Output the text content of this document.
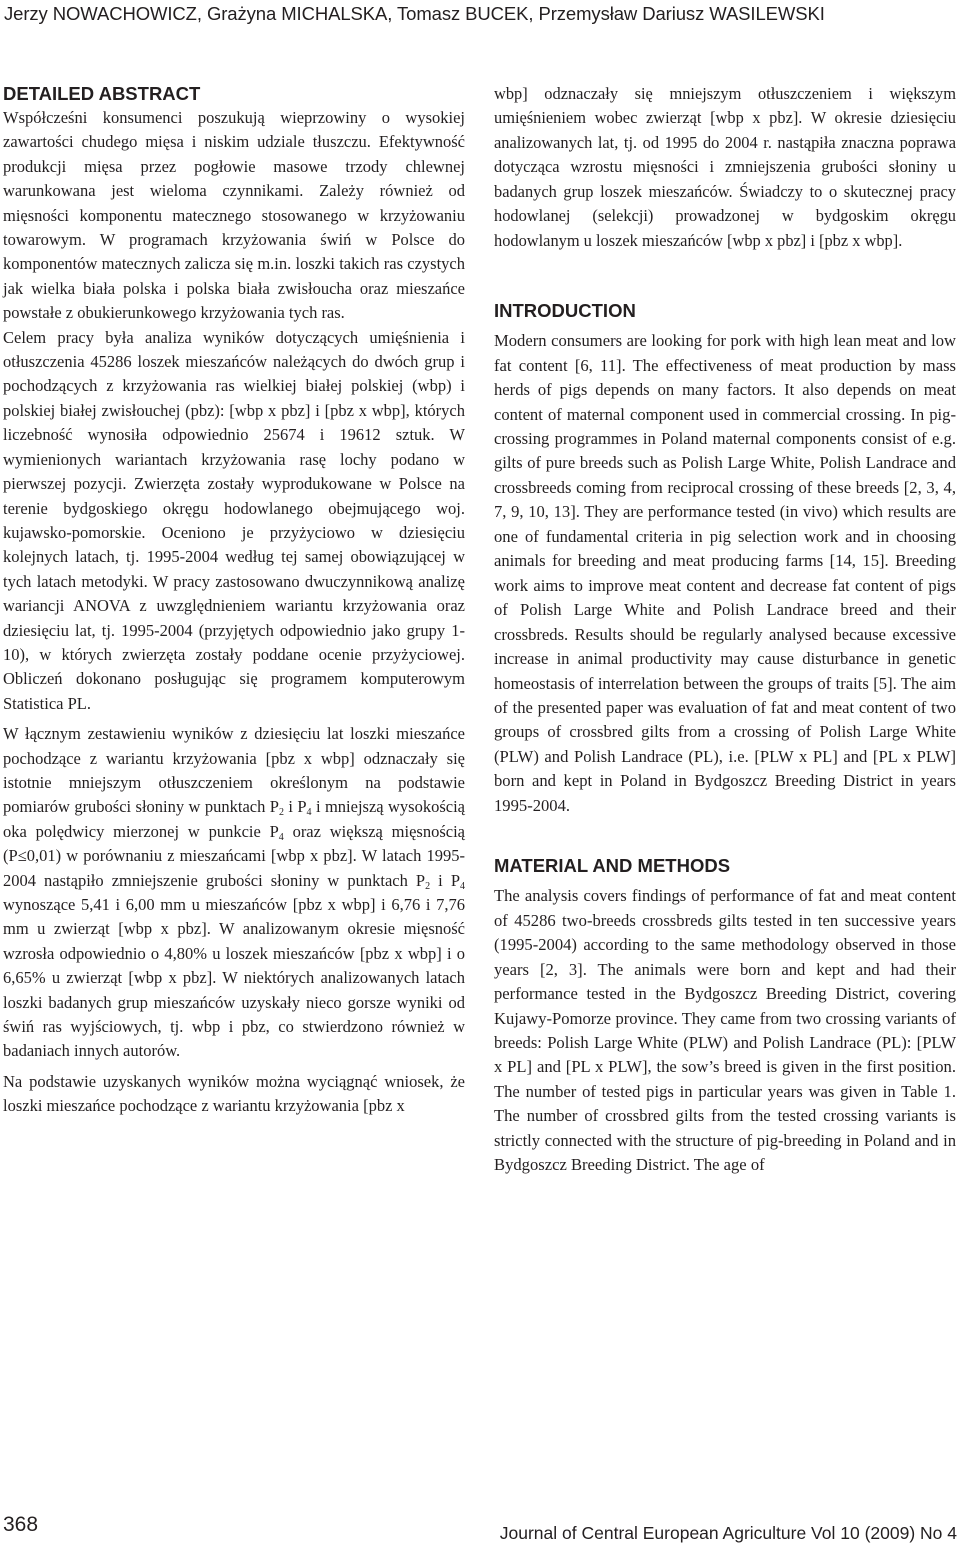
Jerzy NOWACHOWICZ, Grażyna MICHALSKA, Tomasz BUCEK, Przemysław Dariusz WASILEWSKI
DETAILED ABSTRACT

Współcześni konsumenci poszukują wieprzowiny o wysokiej zawartości chudego mięsa i niskim udziale tłuszczu. Efektywność produkcji mięsa przez pogłowie masowe trzody chlewnej warunkowana jest wieloma czynnikami. Zależy również od mięsności komponentu matecznego stosowanego w krzyżowaniu towarowym. W programach krzyżowania świń w Polsce do komponentów matecznych zalicza się m.in. loszki takich ras czystych jak wielka biała polska i polska biała zwisłoucha oraz mieszańce powstałe z obukierunkowego krzyżowania tych ras.

Celem pracy była analiza wyników dotyczących umięśnienia i otłuszczenia 45286 loszek mieszańców należących do dwóch grup i pochodzących z krzyżowania ras wielkiej białej polskiej (wbp) i polskiej białej zwisłouchej (pbz): [wbp x pbz] i [pbz x wbp], których liczebność wynosiła odpowiednio 25674 i 19612 sztuk. W wymienionych wariantach krzyżowania rasę lochy podano w pierwszej pozycji. Zwierzęta zostały wyprodukowane w Polsce na terenie bydgoskiego okręgu hodowlanego obejmującego woj. kujawsko-pomorskie. Oceniono je przyżyciowo w dziesięciu kolejnych latach, tj. 1995-2004 według tej samej obowiązującej w tych latach metodyki. W pracy zastosowano dwuczynnikową analizę wariancji ANOVA z uwzględnieniem wariantu krzyżowania oraz dziesięciu lat, tj. 1995-2004 (przyjętych odpowiednio jako grupy 1-10), w których zwierzęta zostały poddane ocenie przyżyciowej. Obliczeń dokonano posługując się programem komputerowym Statistica PL.

W łącznym zestawieniu wyników z dziesięciu lat loszki mieszańce pochodzące z wariantu krzyżowania [pbz x wbp] odznaczały się istotnie mniejszym otłuszczeniem określonym na podstawie pomiarów grubości słoniny w punktach $P_2$ i $P_4$ i mniejszą wysokością oka polędwicy mierzonej w punkcie $P_4$ oraz większą mięsnością (P≤0,01) w porównaniu z mieszańcami [wbp x pbz]. W latach 1995-2004 nastąpiło zmniejszenie grubości słoniny w punktach $P_2$ i $P_4$ wynoszące 5,41 i 6,00 mm u mieszańców [pbz x wbp] i 6,76 i 7,76 mm u zwierząt [wbp x pbz]. W analizowanym okresie mięsność wzrosła odpowiednio o 4,80% u loszek mieszańców [pbz x wbp] i o 6,65% u zwierząt [wbp x pbz]. W niektórych analizowanych latach loszki badanych grup mieszańców uzyskały nieco gorsze wyniki od świń ras wyjściowych, tj. wbp i pbz, co stwierdzono również w badaniach innych autorów.

Na podstawie uzyskanych wyników można wyciągnąć wniosek, że loszki mieszańce pochodzące z wariantu krzyżowania [pbz x

wbp] odznaczały się mniejszym otłuszczeniem i większym umięśnieniem wobec zwierząt [wbp x pbz]. W okresie dziesięciu analizowanych lat, tj. od 1995 do 2004 r. nastąpiła znaczna poprawa dotycząca wzrostu mięsności i zmniejszenia grubości słoniny u badanych grup loszek mieszańców. Świadczy to o skutecznej pracy hodowlanej (selekcji) prowadzonej w bydgoskim okręgu hodowlanym u loszek mieszańców [wbp x pbz] i [pbz x wbp].

INTRODUCTION

Modern consumers are looking for pork with high lean meat and low fat content [6, 11]. The effectiveness of meat production by mass herds of pigs depends on many factors. It also depends on meat content of maternal component used in commercial crossing. In pig-crossing programmes in Poland maternal components consist of e.g. gilts of pure breeds such as Polish Large White, Polish Landrace and crossbreeds coming from reciprocal crossing of these breeds [2, 3, 4, 7, 9, 10, 13]. They are performance tested (in vivo) which results are one of fundamental criteria in pig selection work and in choosing animals for breeding and meat producing farms [14, 15]. Breeding work aims to improve meat content and decrease fat content of pigs of Polish Large White and Polish Landrace breed and their crossbreds. Results should be regularly analysed because excessive increase in animal productivity may cause disturbance in genetic homeostasis of interrelation between the groups of traits [5]. The aim of the presented paper was evaluation of fat and meat content of two groups of crossbred gilts from a crossing of Polish Large White (PLW) and Polish Landrace (PL), i.e. [PLW x PL] and [PL x PLW] born and kept in Poland in Bydgoszcz Breeding District in years 1995-2004.

MATERIAL AND METHODS

The analysis covers findings of performance of fat and meat content of 45286 two-breeds crossbreds gilts tested in ten successive years (1995-2004) according to the same methodology observed in those years [2, 3]. The animals were born and kept and had their performance tested in the Bydgoszcz Breeding District, covering Kujawy-Pomorze province. They came from two crossing variants of breeds: Polish Large White (PLW) and Polish Landrace (PL): [PLW x PL] and [PL x PLW], the sow’s breed is given in the first position. The number of tested pigs in particular years was given in Table 1. The number of crossbred gilts from the tested crossing variants is strictly connected with the structure of pig-breeding in Poland and in Bydgoszcz Breeding District. The age of

368	Journal of Central European Agriculture Vol 10 (2009) No 4
